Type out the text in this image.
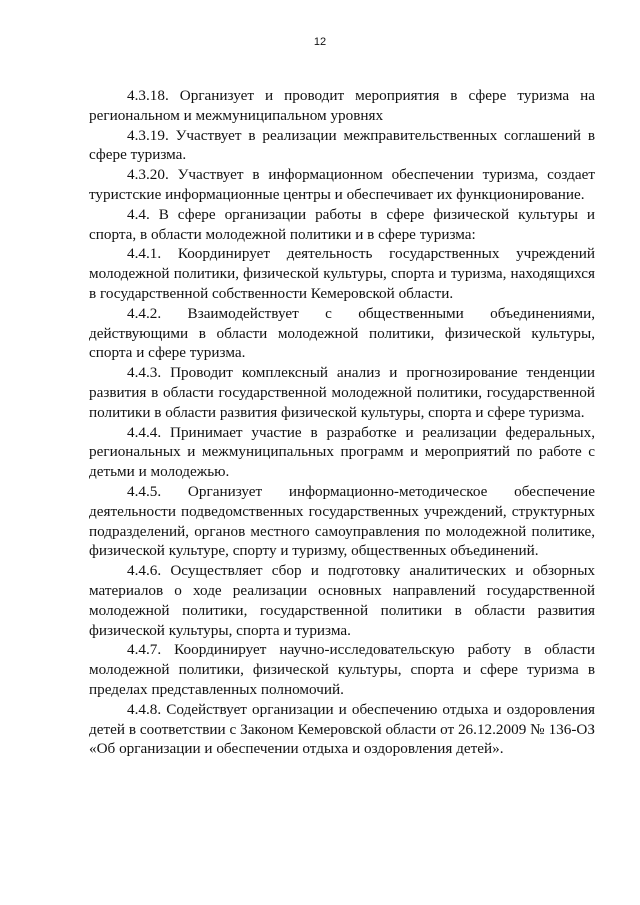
12

4.3.18. Организует и проводит мероприятия в сфере туризма на региональном и межмуниципальном уровнях

4.3.19. Участвует в реализации межправительственных соглашений в сфере туризма.

4.3.20. Участвует в информационном обеспечении туризма, создает туристские информационные центры и обеспечивает их функционирование.

4.4. В сфере организации работы в сфере физической культуры и спорта, в области молодежной политики и в сфере туризма:

4.4.1. Координирует деятельность государственных учреждений молодежной политики, физической культуры, спорта и туризма, находящихся в государственной собственности Кемеровской области.

4.4.2. Взаимодействует с общественными объединениями, действующими в области молодежной политики, физической культуры, спорта и сфере туризма.

4.4.3. Проводит комплексный анализ и прогнозирование тенденции развития в области государственной молодежной политики, государственной политики в области развития физической культуры, спорта и сфере туризма.

4.4.4. Принимает участие в разработке и реализации федеральных, региональных и межмуниципальных программ и мероприятий по работе с детьми и молодежью.

4.4.5. Организует информационно-методическое обеспечение деятельности подведомственных государственных учреждений, структурных подразделений, органов местного самоуправления по молодежной политике, физической культуре, спорту и туризму, общественных объединений.

4.4.6. Осуществляет сбор и подготовку аналитических и обзорных материалов о ходе реализации основных направлений государственной молодежной политики, государственной политики в области развития физической культуры, спорта и туризма.

4.4.7. Координирует научно-исследовательскую работу в области молодежной политики, физической культуры, спорта и сфере туризма в пределах представленных полномочий.

4.4.8. Содействует организации и обеспечению отдыха и оздоровления детей в соответствии с Законом Кемеровской области от 26.12.2009 № 136-ОЗ «Об организации и обеспечении отдыха и оздоровления детей».
